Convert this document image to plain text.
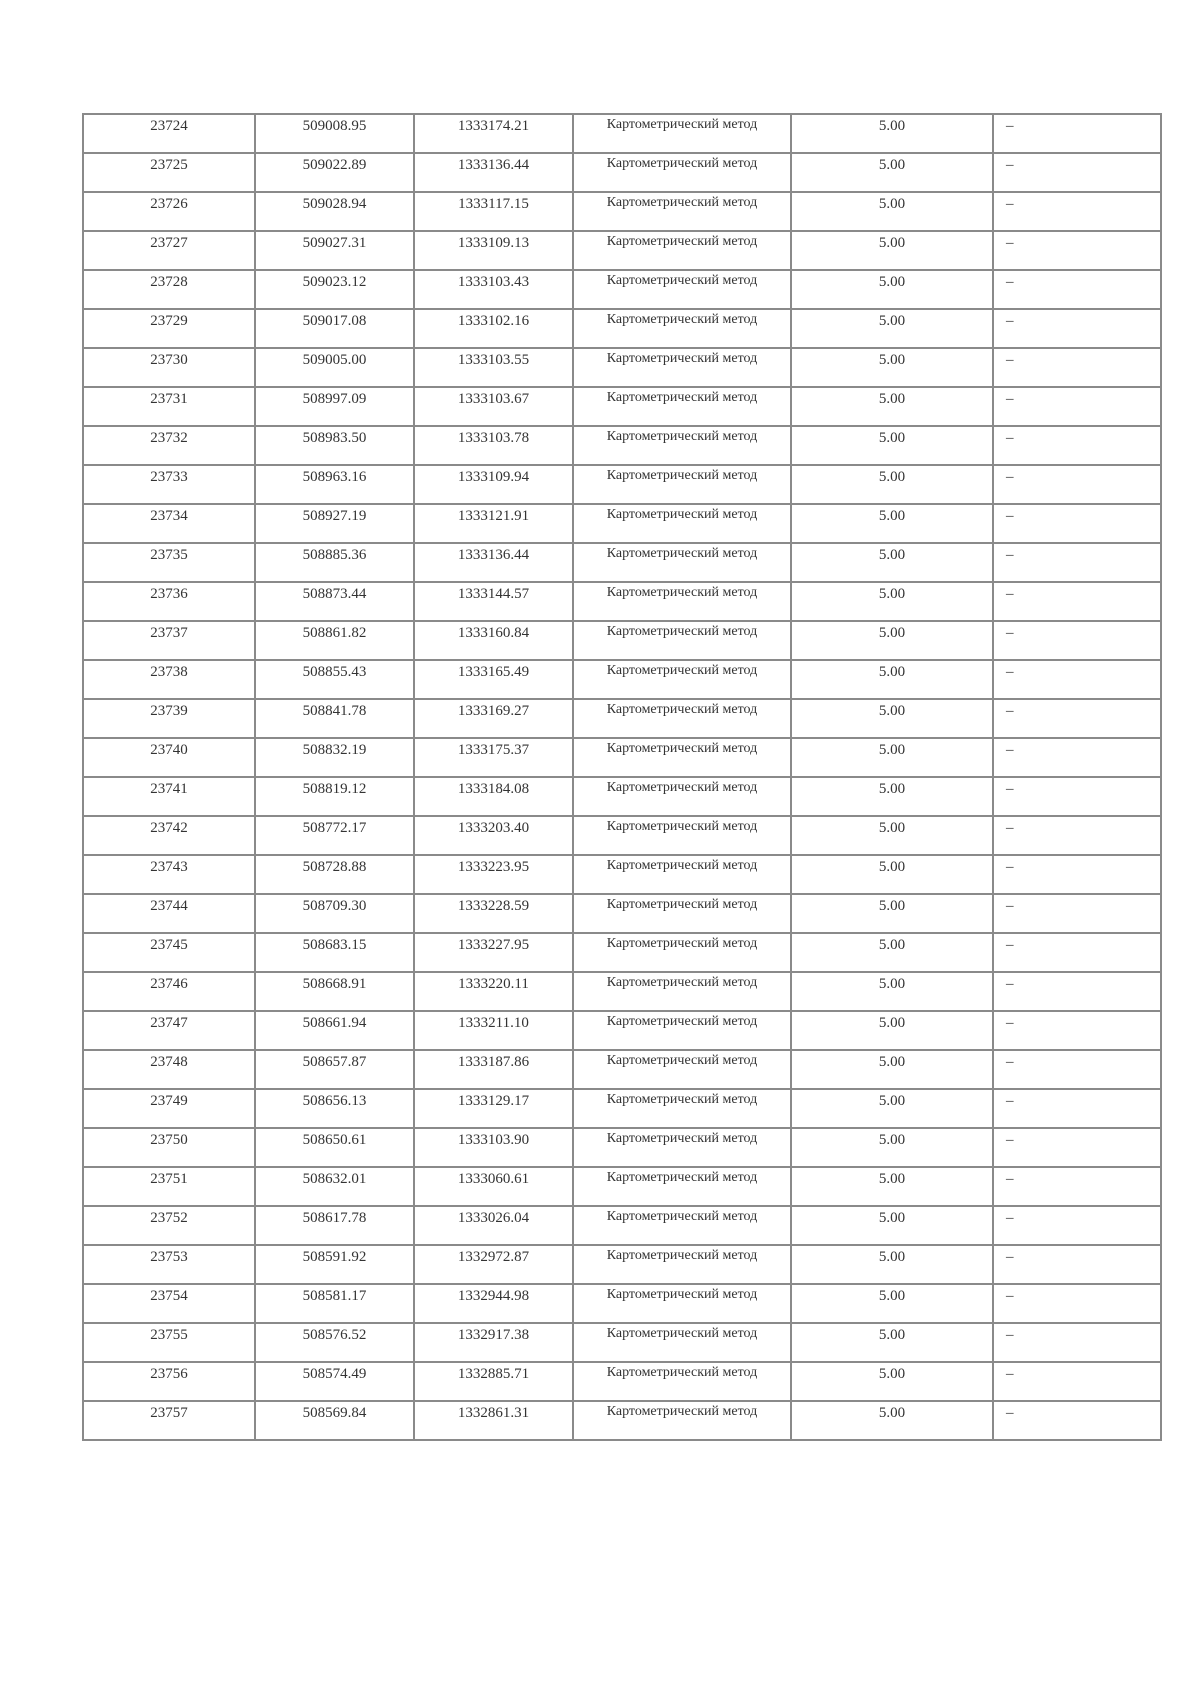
23724	509008.95	1333174.21	Картометрический метод	5.00	–

23725	509022.89	1333136.44	Картометрический метод	5.00	–

23726	509028.94	1333117.15	Картометрический метод	5.00	–

23727	509027.31	1333109.13	Картометрический метод	5.00	–

23728	509023.12	1333103.43	Картометрический метод	5.00	–

23729	509017.08	1333102.16	Картометрический метод	5.00	–

23730	509005.00	1333103.55	Картометрический метод	5.00	–

23731	508997.09	1333103.67	Картометрический метод	5.00	–

23732	508983.50	1333103.78	Картометрический метод	5.00	–

23733	508963.16	1333109.94	Картометрический метод	5.00	–

23734	508927.19	1333121.91	Картометрический метод	5.00	–

23735	508885.36	1333136.44	Картометрический метод	5.00	–

23736	508873.44	1333144.57	Картометрический метод	5.00	–

23737	508861.82	1333160.84	Картометрический метод	5.00	–

23738	508855.43	1333165.49	Картометрический метод	5.00	–

23739	508841.78	1333169.27	Картометрический метод	5.00	–

23740	508832.19	1333175.37	Картометрический метод	5.00	–

23741	508819.12	1333184.08	Картометрический метод	5.00	–

23742	508772.17	1333203.40	Картометрический метод	5.00	–

23743	508728.88	1333223.95	Картометрический метод	5.00	–

23744	508709.30	1333228.59	Картометрический метод	5.00	–

23745	508683.15	1333227.95	Картометрический метод	5.00	–

23746	508668.91	1333220.11	Картометрический метод	5.00	–

23747	508661.94	1333211.10	Картометрический метод	5.00	–

23748	508657.87	1333187.86	Картометрический метод	5.00	–

23749	508656.13	1333129.17	Картометрический метод	5.00	–

23750	508650.61	1333103.90	Картометрический метод	5.00	–

23751	508632.01	1333060.61	Картометрический метод	5.00	–

23752	508617.78	1333026.04	Картометрический метод	5.00	–

23753	508591.92	1332972.87	Картометрический метод	5.00	–

23754	508581.17	1332944.98	Картометрический метод	5.00	–

23755	508576.52	1332917.38	Картометрический метод	5.00	–

23756	508574.49	1332885.71	Картометрический метод	5.00	–

23757	508569.84	1332861.31	Картометрический метод	5.00	–
